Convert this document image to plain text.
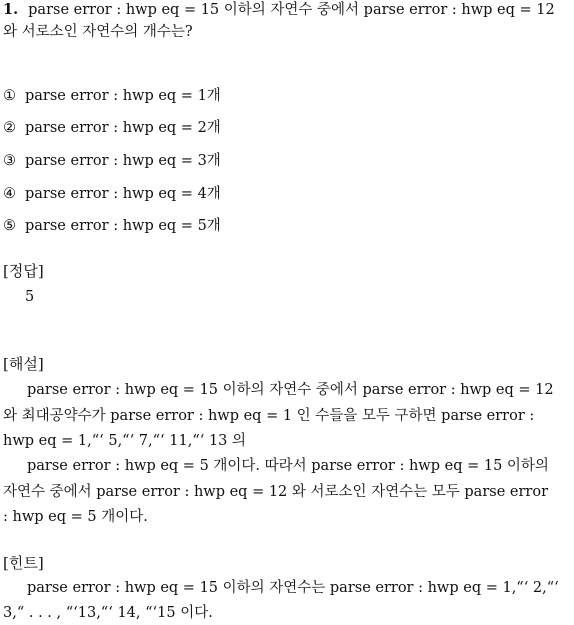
1. parse error : hwp eq = 15 이하의 자연수 중에서 parse error : hwp eq = 12
와 서로소인 자연수의 개수는?
① parse error : hwp eq = 1개
② parse error : hwp eq = 2개
③ parse error : hwp eq = 3개
④ parse error : hwp eq = 4개
⑤ parse error : hwp eq = 5개
[정답]
5
[해설]
parse error : hwp eq = 15 이하의 자연수 중에서 parse error : hwp eq = 12
와 최대공약수가 parse error : hwp eq = 1 인 수들을 모두 구하면 parse error :
hwp eq = 1,“‘ 5,“‘ 7,“‘ 11,“‘ 13 의
parse error : hwp eq = 5 개이다. 따라서 parse error : hwp eq = 15 이하의
자연수 중에서 parse error : hwp eq = 12 와 서로소인 자연수는 모두 parse error
: hwp eq = 5 개이다.
[힌트]
parse error : hwp eq = 15 이하의 자연수는 parse error : hwp eq = 1,“‘ 2,“‘
3,“ . . . , “‘13,“‘ 14, “‘15 이다.
